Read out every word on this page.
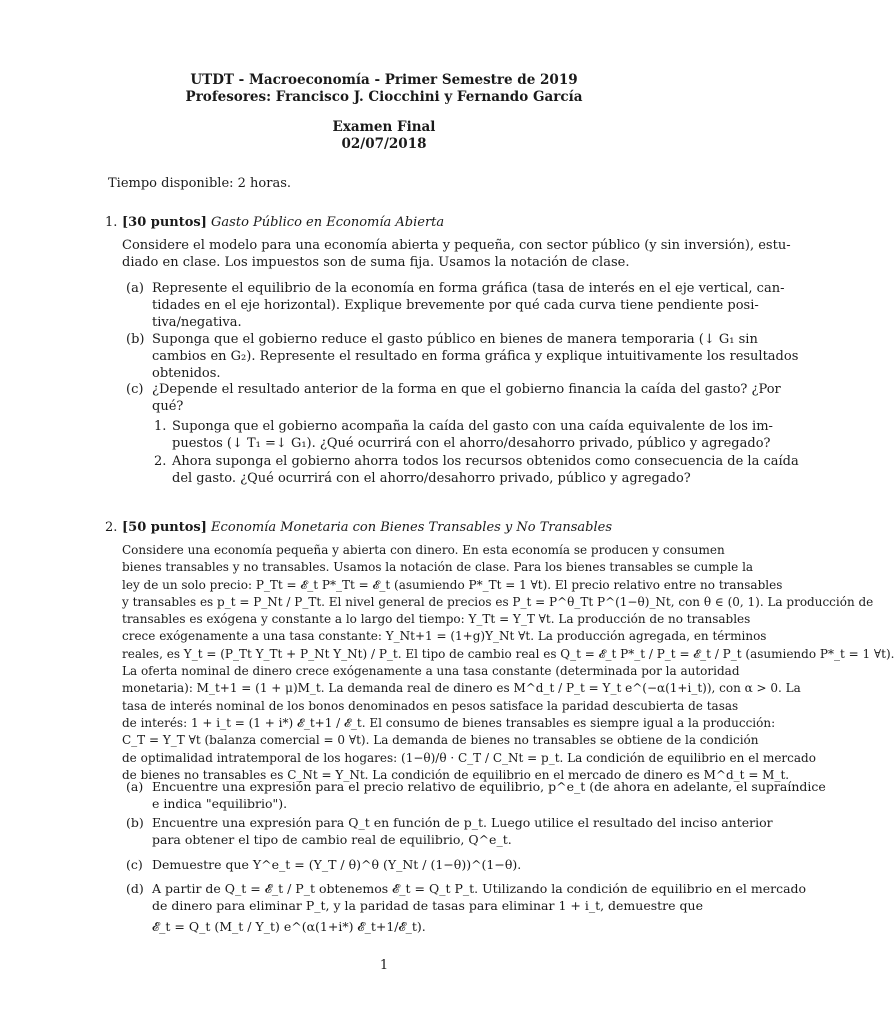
UTDT - Macroeconomía - Primer Semestre de 2019
Profesores: Francisco J. Ciocchini y Fernando García
Examen Final
02/07/2018
Tiempo disponible: 2 horas.
1. [30 puntos] Gasto Público en Economía Abierta
Considere el modelo para una economía abierta y pequeña, con sector público (y sin inversión), estu-
diado en clase. Los impuestos son de suma fija. Usamos la notación de clase.
(a) Represente el equilibrio de la economía en forma gráfica (tasa de interés en el eje vertical, can-
tidades en el eje horizontal). Explique brevemente por qué cada curva tiene pendiente posi-
tiva/negativa.
(b) Suponga que el gobierno reduce el gasto público en bienes de manera temporaria (↓ G₁ sin
cambios en G₂). Represente el resultado en forma gráfica y explique intuitivamente los resultados
obtenidos.
(c) ¿Depende el resultado anterior de la forma en que el gobierno financia la caída del gasto? ¿Por
qué?
1. Suponga que el gobierno acompaña la caída del gasto con una caída equivalente de los im-
puestos (↓ T₁ =↓ G₁). ¿Qué ocurrirá con el ahorro/desahorro privado, público y agregado?
2. Ahora suponga el gobierno ahorra todos los recursos obtenidos como consecuencia de la caída
del gasto. ¿Qué ocurrirá con el ahorro/desahorro privado, público y agregado?
2. [50 puntos] Economía Monetaria con Bienes Transables y No Transables
Considere una economía pequeña y abierta con dinero. En esta economía se producen y consumen
bienes transables y no transables. Usamos la notación de clase. Para los bienes transables se cumple la
ley de un solo precio: P_Tt = 𝓔_t P*_Tt = 𝓔_t (asumiendo P*_Tt = 1 ∀t). El precio relativo entre no transables
y transables es p_t = P_Nt / P_Tt. El nivel general de precios es P_t = P^θ_Tt P^(1−θ)_Nt, con θ ∈ (0, 1). La producción de
transables es exógena y constante a lo largo del tiempo: Y_Tt = Y_T ∀t. La producción de no transables
crece exógenamente a una tasa constante: Y_Nt+1 = (1+g)Y_Nt ∀t. La producción agregada, en términos
reales, es Y_t = (P_Tt Y_Tt + P_Nt Y_Nt) / P_t. El tipo de cambio real es Q_t = 𝓔_t P*_t / P_t = 𝓔_t / P_t (asumiendo P*_t = 1 ∀t).
La oferta nominal de dinero crece exógenamente a una tasa constante (determinada por la autoridad
monetaria): M_t+1 = (1 + μ)M_t. La demanda real de dinero es M^d_t / P_t = Y_t e^(−α(1+i_t)), con α > 0. La
tasa de interés nominal de los bonos denominados en pesos satisface la paridad descubierta de tasas
de interés: 1 + i_t = (1 + i*) 𝓔_t+1 / 𝓔_t. El consumo de bienes transables es siempre igual a la producción:
C_T = Y_T ∀t (balanza comercial = 0 ∀t). La demanda de bienes no transables se obtiene de la condición
de optimalidad intratemporal de los hogares: (1−θ)/θ · C_T / C_Nt = p_t. La condición de equilibrio en el mercado
de bienes no transables es C_Nt = Y_Nt. La condición de equilibrio en el mercado de dinero es M^d_t = M_t.
(a) Encuentre una expresión para el precio relativo de equilibrio, p^e_t (de ahora en adelante, el supraíndice
e indica "equilibrio").
(b) Encuentre una expresión para Q_t en función de p_t. Luego utilice el resultado del inciso anterior
para obtener el tipo de cambio real de equilibrio, Q^e_t.
(c) Demuestre que Y^e_t = (Y_T / θ)^θ (Y_Nt / (1−θ))^(1−θ).
(d) A partir de Q_t = 𝓔_t / P_t obtenemos 𝓔_t = Q_t P_t. Utilizando la condición de equilibrio en el mercado
de dinero para eliminar P_t, y la paridad de tasas para eliminar 1 + i_t, demuestre que
𝓔_t = Q_t (M_t / Y_t) e^(α(1+i*) 𝓔_t+1/𝓔_t).
1
